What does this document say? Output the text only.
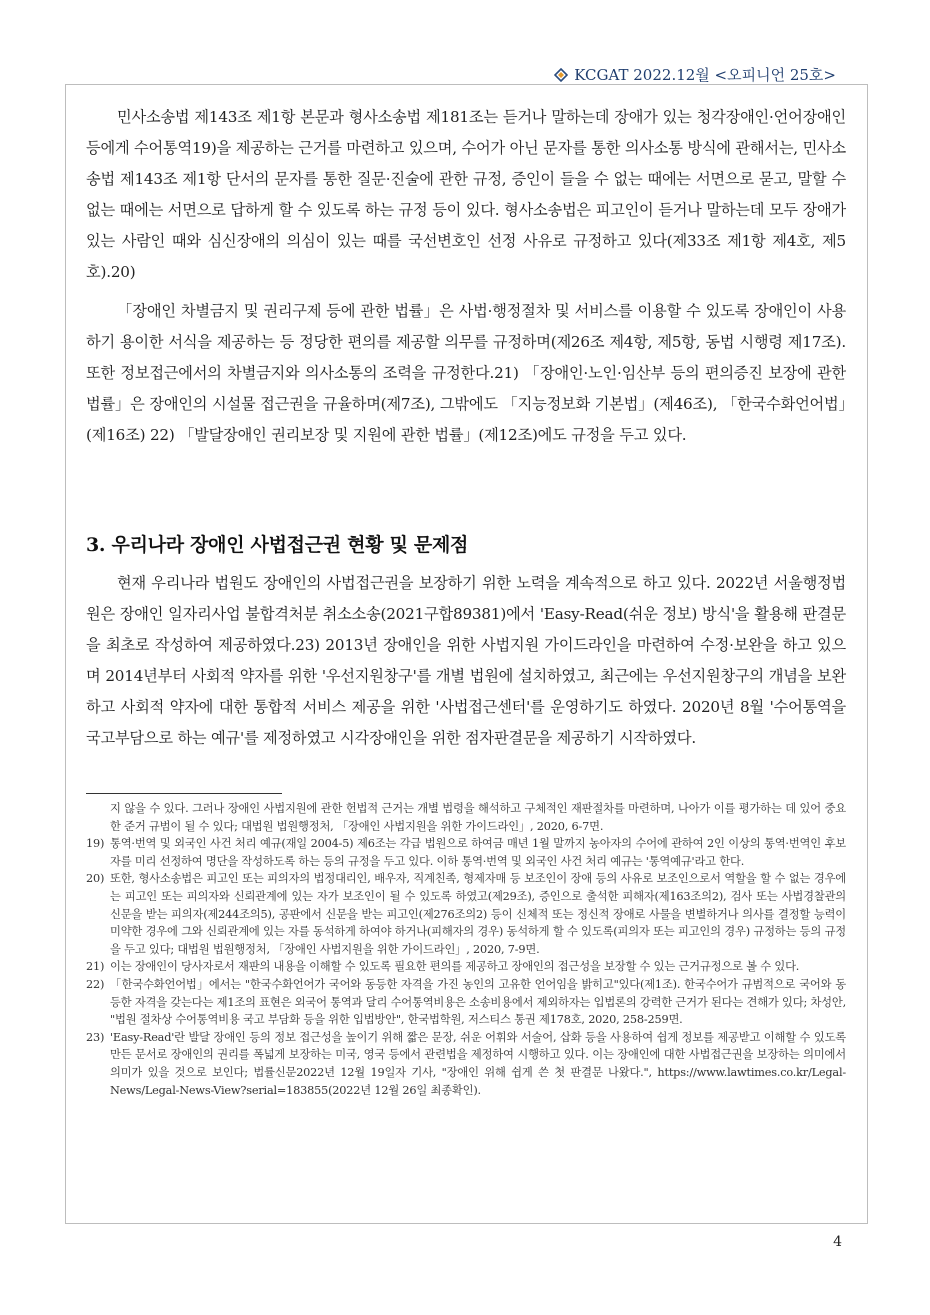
KCGAT 2022.12월 <오피니언 25호>

민사소송법 제143조 제1항 본문과 형사소송법 제181조는 듣거나 말하는데 장애가 있는 청각장애인·언어장애인 등에게 수어통역19)을 제공하는 근거를 마련하고 있으며, 수어가 아닌 문자를 통한 의사소통 방식에 관해서는, 민사소송법 제143조 제1항 단서의 문자를 통한 질문·진술에 관한 규정, 증인이 들을 수 없는 때에는 서면으로 묻고, 말할 수 없는 때에는 서면으로 답하게 할 수 있도록 하는 규정 등이 있다. 형사소송법은 피고인이 듣거나 말하는데 모두 장애가 있는 사람인 때와 심신장애의 의심이 있는 때를 국선변호인 선정 사유로 규정하고 있다(제33조 제1항 제4호, 제5호).20)

「장애인 차별금지 및 권리구제 등에 관한 법률」은 사법·행정절차 및 서비스를 이용할 수 있도록 장애인이 사용하기 용이한 서식을 제공하는 등 정당한 편의를 제공할 의무를 규정하며(제26조 제4항, 제5항, 동법 시행령 제17조). 또한 정보접근에서의 차별금지와 의사소통의 조력을 규정한다.21) 「장애인·노인·임산부 등의 편의증진 보장에 관한 법률」은 장애인의 시설물 접근권을 규율하며(제7조), 그밖에도 「지능정보화 기본법」(제46조), 「한국수화언어법」(제16조) 22) 「발달장애인 권리보장 및 지원에 관한 법률」(제12조)에도 규정을 두고 있다.

3. 우리나라 장애인 사법접근권 현황 및 문제점

현재 우리나라 법원도 장애인의 사법접근권을 보장하기 위한 노력을 계속적으로 하고 있다. 2022년 서울행정법원은 장애인 일자리사업 불합격처분 취소소송(2021구합89381)에서 'Easy-Read(쉬운 정보) 방식'을 활용해 판결문을 최초로 작성하여 제공하였다.23) 2013년 장애인을 위한 사법지원 가이드라인을 마련하여 수정·보완을 하고 있으며 2014년부터 사회적 약자를 위한 '우선지원창구'를 개별 법원에 설치하였고, 최근에는 우선지원창구의 개념을 보완하고 사회적 약자에 대한 통합적 서비스 제공을 위한 '사법접근센터'를 운영하기도 하였다. 2020년 8월 '수어통역을 국고부담으로 하는 예규'를 제정하였고 시각장애인을 위한 점자판결문을 제공하기 시작하였다.

지 않을 수 있다. 그러나 장애인 사법지원에 관한 헌법적 근거는 개별 법령을 해석하고 구체적인 재판절차를 마련하며, 나아가 이를 평가하는 데 있어 중요한 준거 규범이 될 수 있다; 대법원 법원행정처, 「장애인 사법지원을 위한 가이드라인」, 2020, 6-7면.
19) 통역·번역 및 외국인 사건 처리 예규(재일 2004-5) 제6조는 각급 법원으로 하여금 매년 1월 말까지 농아자의 수어에 관하여 2인 이상의 통역·번역인 후보자를 미리 선정하여 명단을 작성하도록 하는 등의 규정을 두고 있다. 이하 통역·번역 및 외국인 사건 처리 예규는 '통역예규'라고 한다.
20) 또한, 형사소송법은 피고인 또는 피의자의 법정대리인, 배우자, 직계친족, 형제자매 등 보조인이 장애 등의 사유로 보조인으로서 역할을 할 수 없는 경우에는 피고인 또는 피의자와 신뢰관계에 있는 자가 보조인이 될 수 있도록 하였고(제29조), 증인으로 출석한 피해자(제163조의2), 검사 또는 사법경찰관의 신문을 받는 피의자(제244조의5), 공판에서 신문을 받는 피고인(제276조의2) 등이 신체적 또는 정신적 장애로 사물을 변별하거나 의사를 결정할 능력이 미약한 경우에 그와 신뢰관계에 있는 자를 동석하게 하여야 하거나(피해자의 경우) 동석하게 할 수 있도록(피의자 또는 피고인의 경우) 규정하는 등의 규정을 두고 있다; 대법원 법원행정처, 「장애인 사법지원을 위한 가이드라인」, 2020, 7-9면.
21) 이는 장애인이 당사자로서 재판의 내용을 이해할 수 있도록 필요한 편의를 제공하고 장애인의 접근성을 보장할 수 있는 근거규정으로 볼 수 있다.
22) 「한국수화언어법」에서는 "한국수화언어가 국어와 동등한 자격을 가진 농인의 고유한 언어임을 밝히고"있다(제1조). 한국수어가 규범적으로 국어와 동등한 자격을 갖는다는 제1조의 표현은 외국어 통역과 달리 수어통역비용은 소송비용에서 제외하자는 입법론의 강력한 근거가 된다는 견해가 있다; 차성안, "법원 절차상 수어통역비용 국고 부담화 등을 위한 입법방안", 한국법학원, 저스티스 통권 제178호, 2020, 258-259면.
23) 'Easy-Read'란 발달 장애인 등의 정보 접근성을 높이기 위해 짧은 문장, 쉬운 어휘와 서술어, 삽화 등을 사용하여 쉽게 정보를 제공받고 이해할 수 있도록 만든 문서로 장애인의 권리를 폭넓게 보장하는 미국, 영국 등에서 관련법을 제정하여 시행하고 있다. 이는 장애인에 대한 사법접근권을 보장하는 의미에서 의미가 있을 것으로 보인다; 법률신문2022년 12월 19일자 기사, "장애인 위해 쉽게 쓴 첫 판결문 나왔다.", https://www.lawtimes.co.kr/Legal-News/Legal-News-View?serial=183855(2022년 12월 26일 최종확인).
4
